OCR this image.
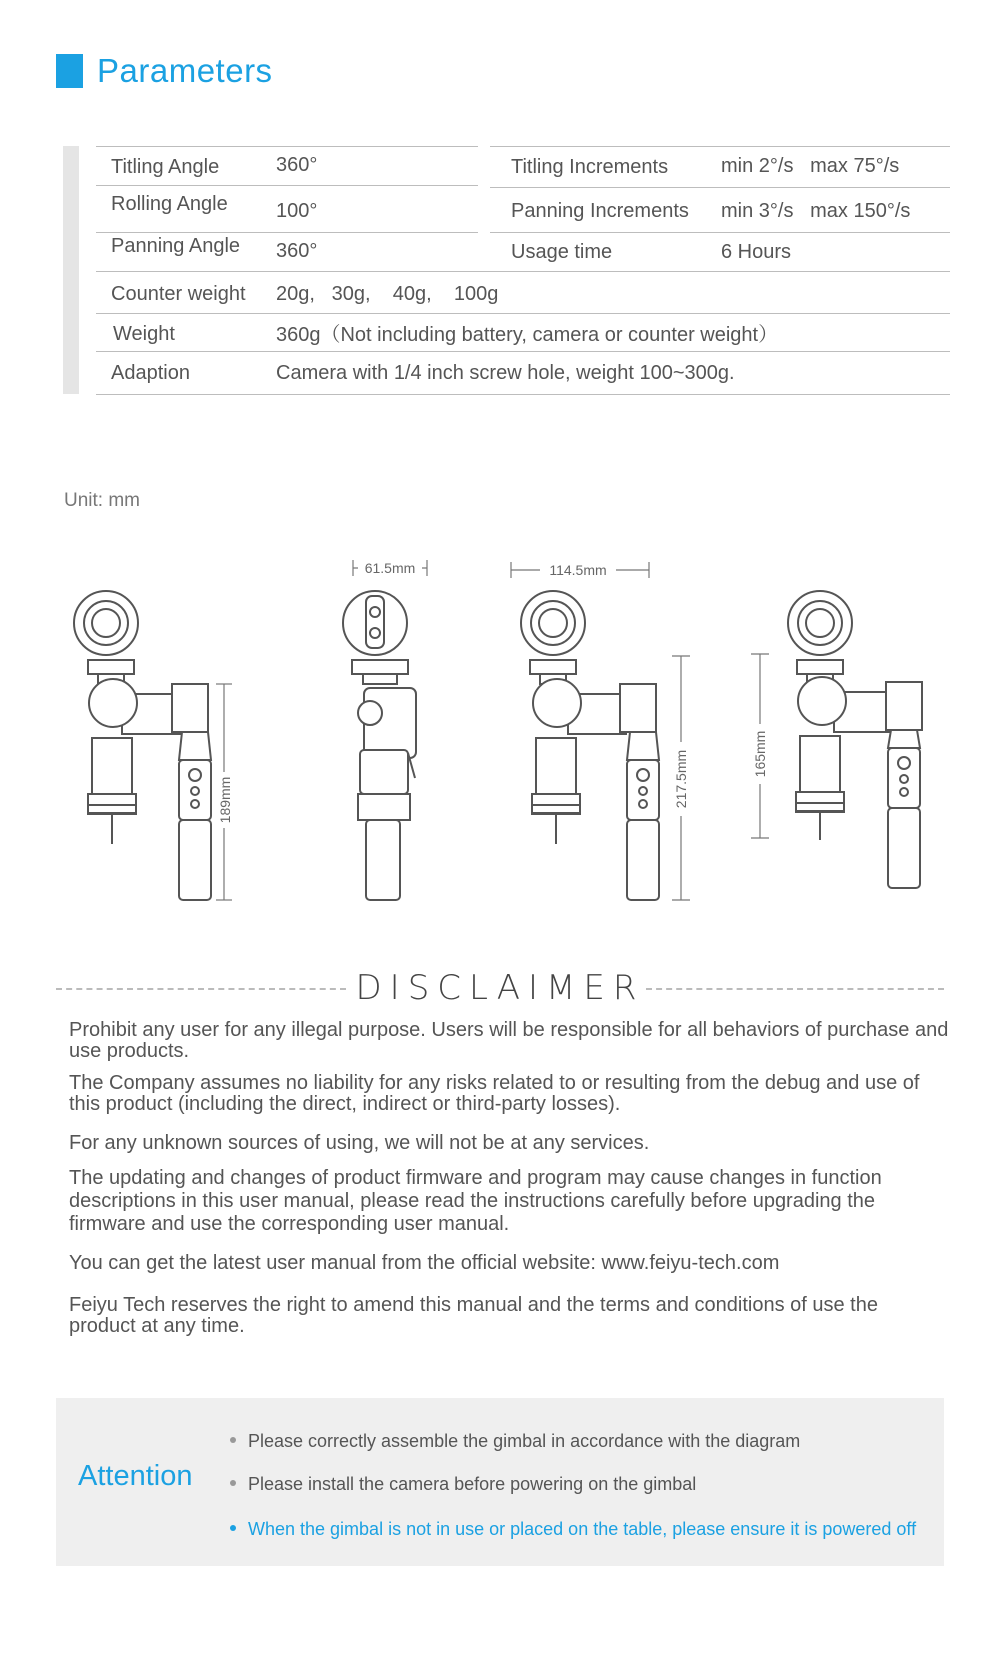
Parameters
Titling Angle	360°
Rolling Angle 100°
Panning Angle 360°
Titling Increments	min 2°/s   max 75°/s
Panning Increments min 3°/s   max 150°/s
Usage time	6 Hours
Counter weight 20g,   30g,    40g,    100g
Weight	360g（Not including battery, camera or counter weight）
Adaption	Camera with 1/4 inch screw hole, weight 100~300g.
Unit: mm
189mm
61.5mm	114.5mm
217.5mm	165mm
DISCLAIMER
Prohibit any user for any illegal purpose. Users will be responsible for all behaviors of purchase and use products.
The Company assumes no liability for any risks related to or resulting from the debug and use of this product (including the direct, indirect or third-party losses).
For any unknown sources of using, we will not be at any services.
The updating and changes of product firmware and program may cause changes in function descriptions in this user manual, please read the instructions carefully before upgrading the firmware and use the corresponding user manual.
You can get the latest user manual from the official website: www.feiyu-tech.com
Feiyu Tech reserves the right to amend this manual and the terms and conditions of use the product at any time.
Attention
Please correctly assemble the gimbal in accordance with the diagram
Please install the camera before powering on the gimbal
When the gimbal is not in use or placed on the table, please ensure it is powered off
